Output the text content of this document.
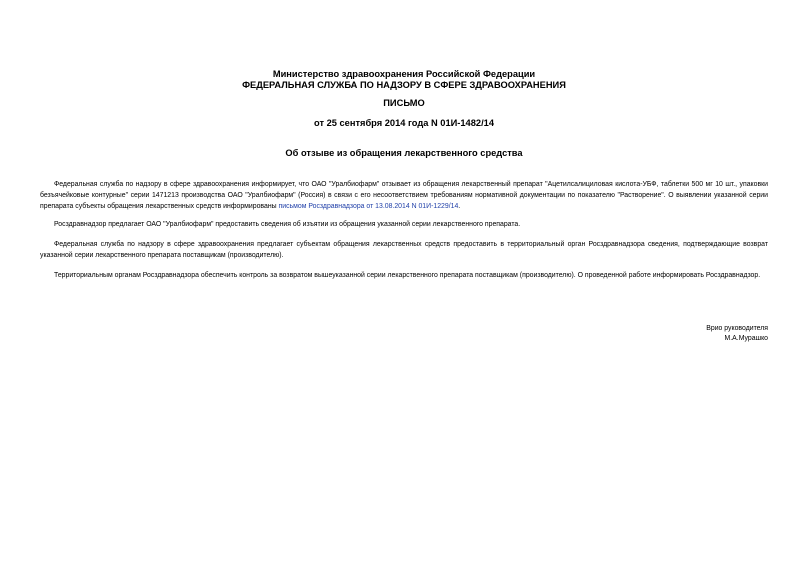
Министерство здравоохранения Российской Федерации
ФЕДЕРАЛЬНАЯ СЛУЖБА ПО НАДЗОРУ В СФЕРЕ ЗДРАВООХРАНЕНИЯ
ПИСЬМО
от 25 сентября 2014 года N 01И-1482/14
Об отзыве из обращения лекарственного средства
Федеральная служба по надзору в сфере здравоохранения информирует, что ОАО "Уралбиофарм" отзывает из обращения лекарственный препарат "Ацетилсалициловая кислота-УБФ, таблетки 500 мг 10 шт., упаковки безъячейковые контурные" серии 1471213 производства ОАО "Уралбиофарм" (Россия) в связи с его несоответствием требованиям нормативной документации по показателю "Растворение". О выявлении указанной серии препарата субъекты обращения лекарственных средств информированы письмом Росздравнадзора от 13.08.2014 N 01И-1229/14.
Росздравнадзор предлагает ОАО "Уралбиофарм" предоставить сведения об изъятии из обращения указанной серии лекарственного препарата.
Федеральная служба по надзору в сфере здравоохранения предлагает субъектам обращения лекарственных средств предоставить в территориальный орган Росздравнадзора сведения, подтверждающие возврат указанной серии лекарственного препарата поставщикам (производителю).
Территориальным органам Росздравнадзора обеспечить контроль за возвратом вышеуказанной серии лекарственного препарата поставщикам (производителю). О проведенной работе информировать Росздравнадзор.
Врио руководителя
М.А.Мурашко
